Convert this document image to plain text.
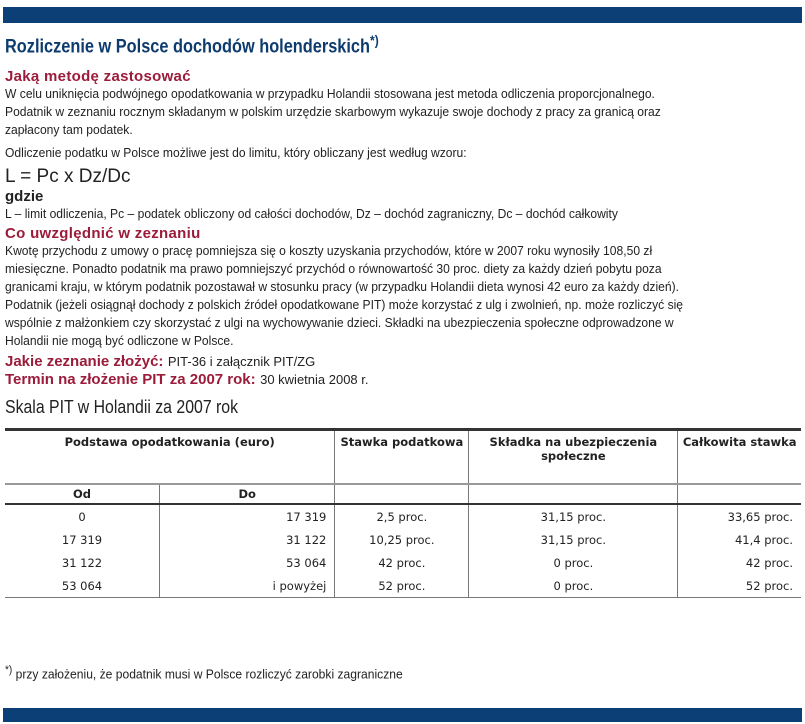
Rozliczenie w Polsce dochodów holenderskich*)
Jaką metodę zastosować

W celu uniknięcia podwójnego opodatkowania w przypadku Holandii stosowana jest metoda odliczenia proporcjonalnego.

Podatnik w zeznaniu rocznym składanym w polskim urzędzie skarbowym wykazuje swoje dochody z pracy za granicą oraz

zapłacony tam podatek.

Odliczenie podatku w Polsce możliwe jest do limitu, który obliczany jest według wzoru:

L = Pc x Dz/Dc
gdzie

L – limit odliczenia, Pc – podatek obliczony od całości dochodów, Dz – dochód zagraniczny, Dc – dochód całkowity

Co uwzględnić w zeznaniu

Kwotę przychodu z umowy o pracę pomniejsza się o koszty uzyskania przychodów, które w 2007 roku wynosiły 108,50 zł

miesięczne. Ponadto podatnik ma prawo pomniejszyć przychód o równowartość 30 proc. diety za każdy dzień pobytu poza

granicami kraju, w którym podatnik pozostawał w stosunku pracy (w przypadku Holandii dieta wynosi 42 euro za każdy dzień).

Podatnik (jeżeli osiągnął dochody z polskich źródeł opodatkowane PIT) może korzystać z ulg i zwolnień, np. może rozliczyć się

wspólnie z małżonkiem czy skorzystać z ulgi na wychowywanie dzieci. Składki na ubezpieczenia społeczne odprowadzone w

Holandii nie mogą być odliczone w Polsce.

Jakie zeznanie złożyć: PIT-36 i załącznik PIT/ZG
Termin na złożenie PIT za 2007 rok: 30 kwietnia 2008 r.
Skala PIT w Holandii za 2007 rok
Podstawa opodatkowania (euro)		Stawka podatkowa	Składka na ubezpieczenia społeczne	Całkowita stawka
Od	Do			
0	17 319	2,5 proc.	31,15 proc.	33,65 proc.
17 319	31 122	10,25 proc.	31,15 proc.	41,4 proc.
31 122	53 064	42 proc.	0 proc.	42 proc.
53 064	i powyżej	52 proc.	0 proc.	52 proc.
*) przy założeniu, że podatnik musi w Polsce rozliczyć zarobki zagraniczne
